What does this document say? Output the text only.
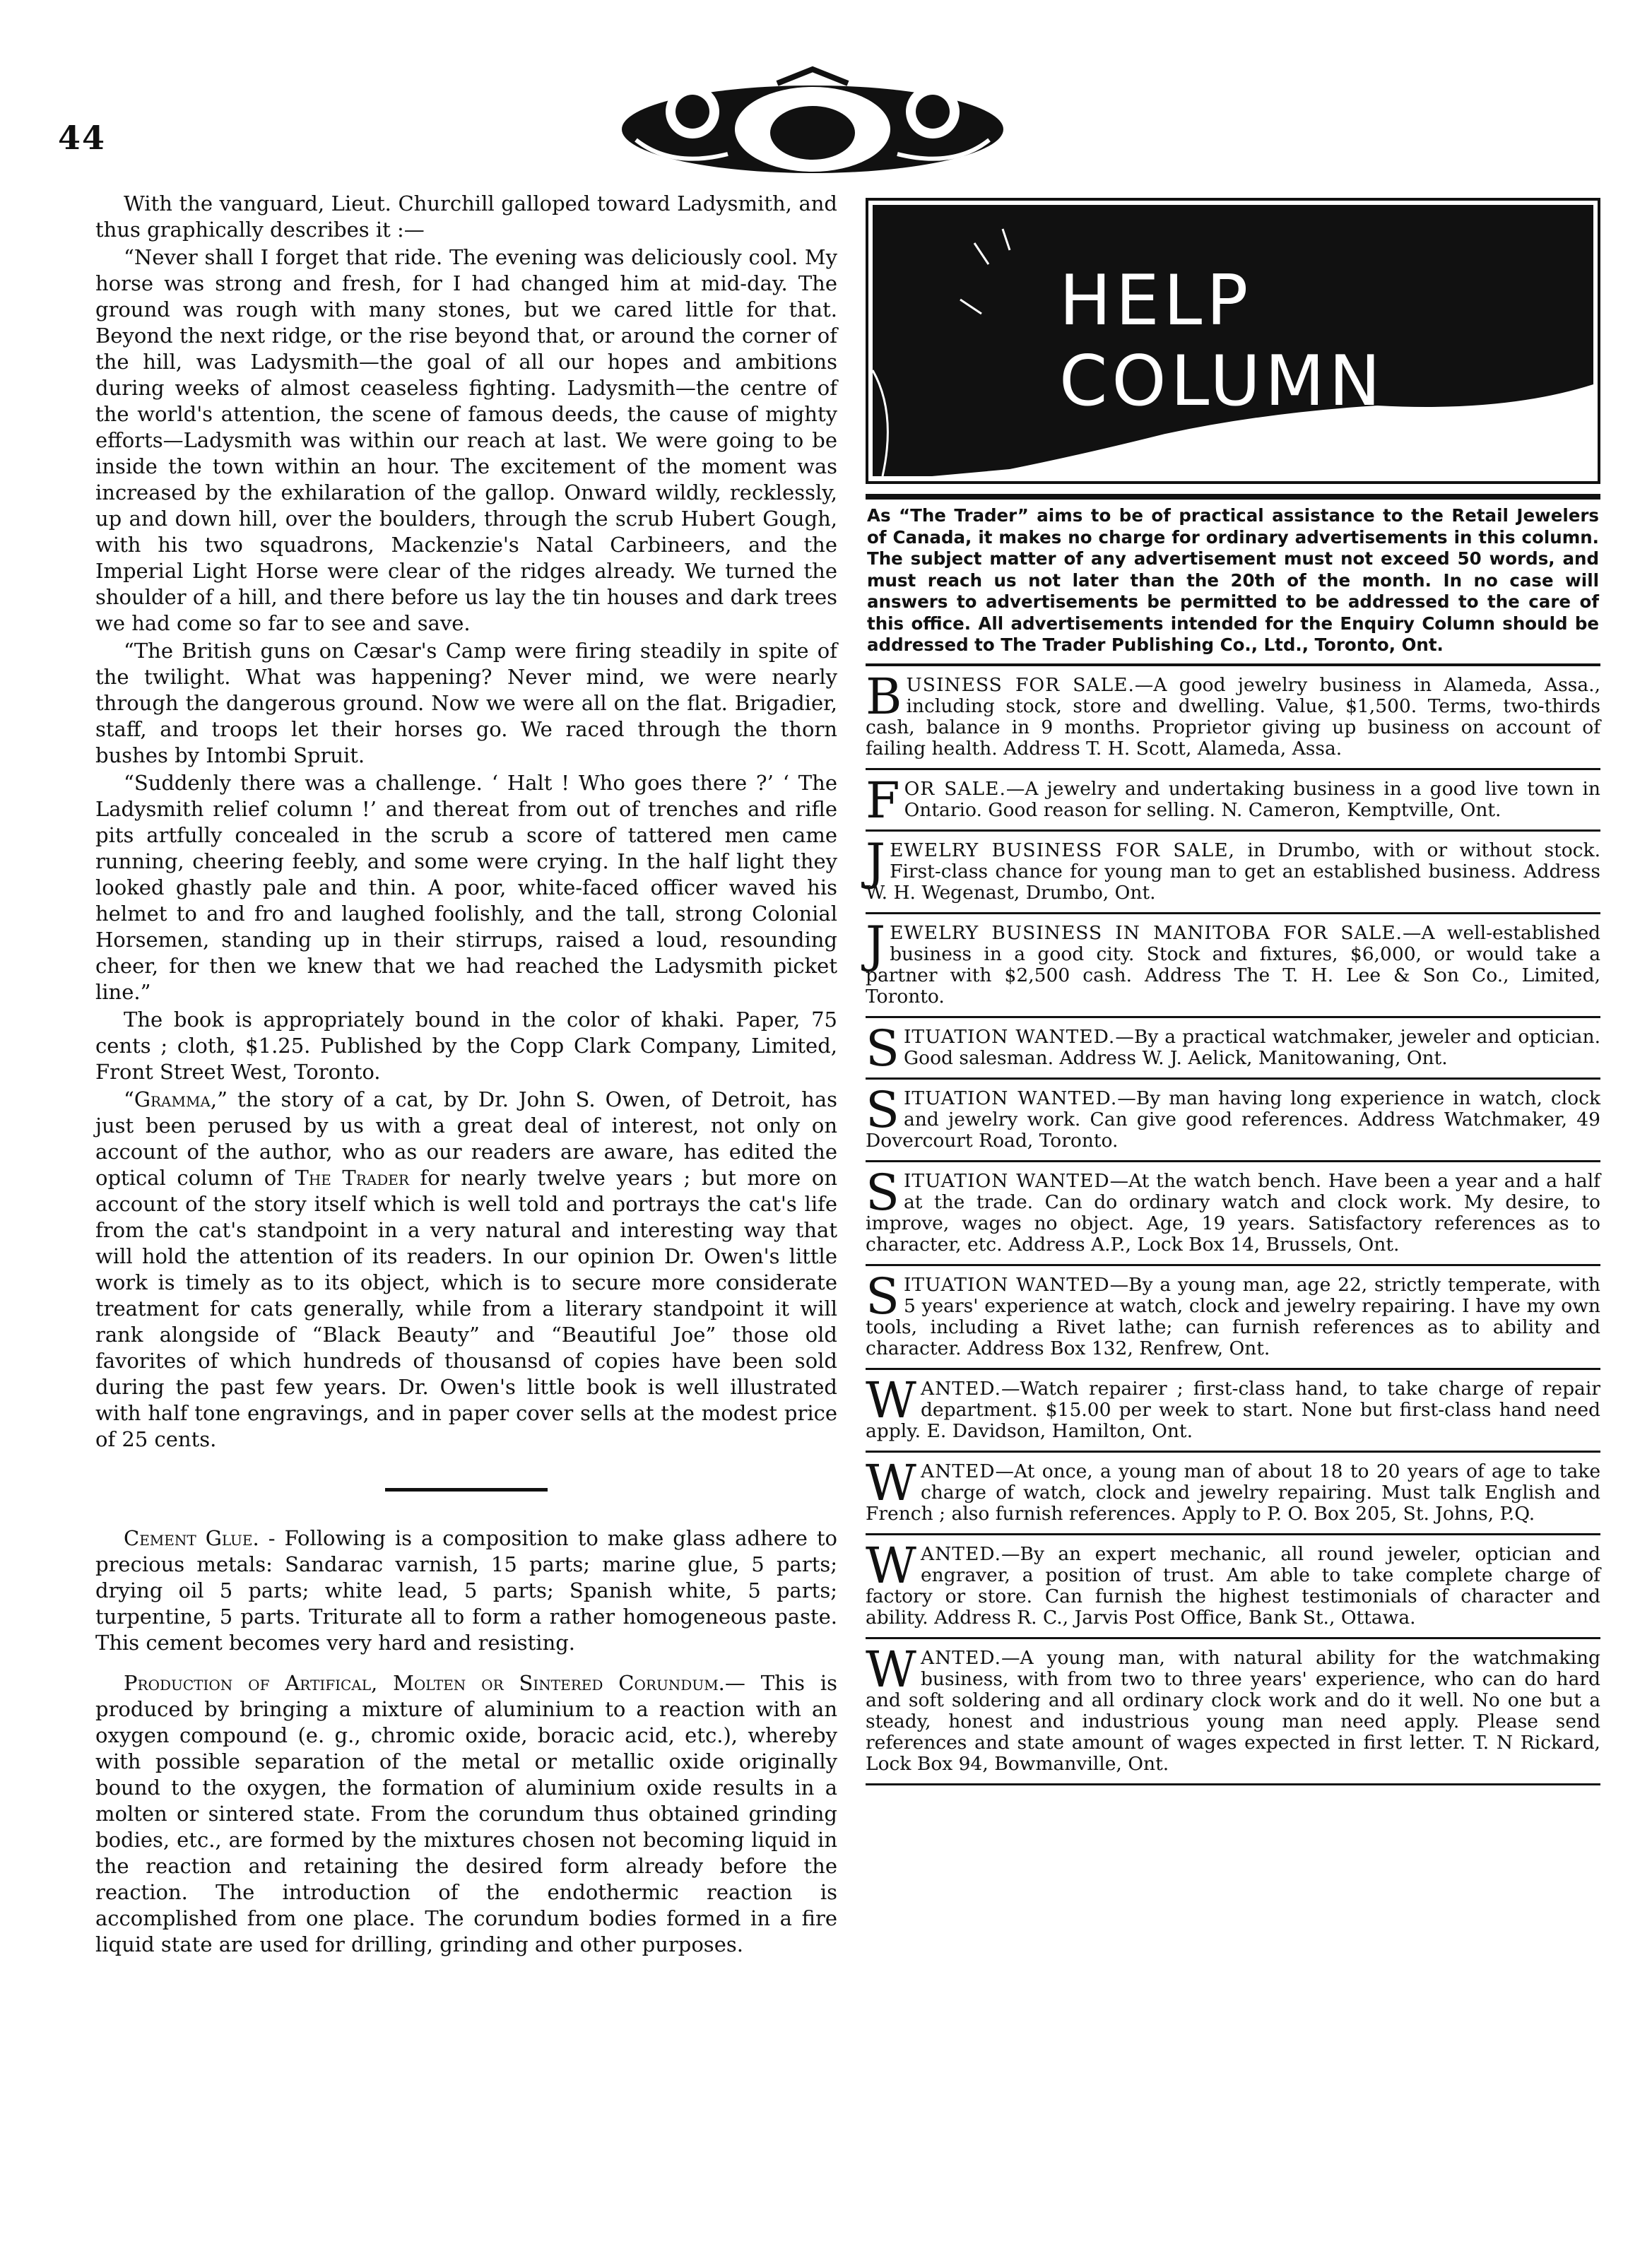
44

With the vanguard, Lieut. Churchill galloped toward Ladysmith, and thus graphically describes it :—

“Never shall I forget that ride. The evening was deliciously cool. My horse was strong and fresh, for I had changed him at mid-day. The ground was rough with many stones, but we cared little for that. Beyond the next ridge, or the rise beyond that, or around the corner of the hill, was Ladysmith—the goal of all our hopes and ambitions during weeks of almost ceaseless fighting. Ladysmith—the centre of the world's attention, the scene of famous deeds, the cause of mighty efforts—Ladysmith was within our reach at last. We were going to be inside the town within an hour. The excitement of the moment was increased by the exhilaration of the gallop. Onward wildly, recklessly, up and down hill, over the boulders, through the scrub Hubert Gough, with his two squadrons, Mackenzie's Natal Carbineers, and the Imperial Light Horse were clear of the ridges already. We turned the shoulder of a hill, and there before us lay the tin houses and dark trees we had come so far to see and save.

“The British guns on Cæsar's Camp were firing steadily in spite of the twilight. What was happening? Never mind, we were nearly through the dangerous ground. Now we were all on the flat. Brigadier, staff, and troops let their horses go. We raced through the thorn bushes by Intombi Spruit.

“Suddenly there was a challenge. ‘ Halt ! Who goes there ?’ ‘ The Ladysmith relief column !’ and thereat from out of trenches and rifle pits artfully concealed in the scrub a score of tattered men came running, cheering feebly, and some were crying. In the half light they looked ghastly pale and thin. A poor, white-faced officer waved his helmet to and fro and laughed foolishly, and the tall, strong Colonial Horsemen, standing up in their stirrups, raised a loud, resounding cheer, for then we knew that we had reached the Ladysmith picket line.”

The book is appropriately bound in the color of khaki. Paper, 75 cents ; cloth, $1.25. Published by the Copp Clark Company, Limited, Front Street West, Toronto.

“Gramma,” the story of a cat, by Dr. John S. Owen, of Detroit, has just been perused by us with a great deal of interest, not only on account of the author, who as our readers are aware, has edited the optical column of The Trader for nearly twelve years ; but more on account of the story itself which is well told and portrays the cat's life from the cat's standpoint in a very natural and interesting way that will hold the attention of its readers. In our opinion Dr. Owen's little work is timely as to its object, which is to secure more considerate treatment for cats generally, while from a literary standpoint it will rank alongside of “Black Beauty” and “Beautiful Joe” those old favorites of which hundreds of thousansd of copies have been sold during the past few years. Dr. Owen's little book is well illustrated with half tone engravings, and in paper cover sells at the modest price of 25 cents.

Cement Glue. - Following is a composition to make glass adhere to precious metals: Sandarac varnish, 15 parts; marine glue, 5 parts; drying oil 5 parts; white lead, 5 parts; Spanish white, 5 parts; turpentine, 5 parts. Triturate all to form a rather homogeneous paste. This cement becomes very hard and resisting.

Production of Artifical, Molten or Sintered Corundum.— This is produced by bringing a mixture of aluminium to a reaction with an oxygen compound (e. g., chromic oxide, boracic acid, etc.), whereby with possible separation of the metal or metallic oxide originally bound to the oxygen, the formation of aluminium oxide results in a molten or sintered state. From the corundum thus obtained grinding bodies, etc., are formed by the mixtures chosen not becoming liquid in the reaction and retaining the desired form already before the reaction. The introduction of the endothermic reaction is accomplished from one place. The corundum bodies formed in a fire liquid state are used for drilling, grinding and other purposes.

HELP COLUMN
As “The Trader” aims to be of practical assistance to the Retail Jewelers of Canada, it makes no charge for ordinary advertisements in this column. The subject matter of any advertisement must not exceed 50 words, and must reach us not later than the 20th of the month. In no case will answers to advertisements be permitted to be addressed to the care of this office. All advertisements intended for the Enquiry Column should be addressed to The Trader Publishing Co., Ltd., Toronto, Ont.
BUSINESS FOR SALE.—A good jewelry business in Alameda, Assa., including stock, store and dwelling. Value, $1,500. Terms, two-thirds cash, balance in 9 months. Proprietor giving up business on account of failing health. Address T. H. Scott, Alameda, Assa.
FOR SALE.—A jewelry and undertaking business in a good live town in Ontario. Good reason for selling. N. Cameron, Kemptville, Ont.
JEWELRY BUSINESS FOR SALE, in Drumbo, with or without stock. First-class chance for young man to get an established business. Address W. H. Wegenast, Drumbo, Ont.
JEWELRY BUSINESS IN MANITOBA FOR SALE.—A well-established business in a good city. Stock and fixtures, $6,000, or would take a partner with $2,500 cash. Address The T. H. Lee & Son Co., Limited, Toronto.
SITUATION WANTED.—By a practical watchmaker, jeweler and optician. Good salesman. Address W. J. Aelick, Manitowaning, Ont.
SITUATION WANTED.—By man having long experience in watch, clock and jewelry work. Can give good references. Address Watchmaker, 49 Dovercourt Road, Toronto.
SITUATION WANTED—At the watch bench. Have been a year and a half at the trade. Can do ordinary watch and clock work. My desire, to improve, wages no object. Age, 19 years. Satisfactory references as to character, etc. Address A.P., Lock Box 14, Brussels, Ont.
SITUATION WANTED—By a young man, age 22, strictly temperate, with 5 years' experience at watch, clock and jewelry repairing. I have my own tools, including a Rivet lathe; can furnish references as to ability and character. Address Box 132, Renfrew, Ont.
WANTED.—Watch repairer ; first-class hand, to take charge of repair department. $15.00 per week to start. None but first-class hand need apply. E. Davidson, Hamilton, Ont.
WANTED—At once, a young man of about 18 to 20 years of age to take charge of watch, clock and jewelry repairing. Must talk English and French ; also furnish references. Apply to P. O. Box 205, St. Johns, P.Q.
WANTED.—By an expert mechanic, all round jeweler, optician and engraver, a position of trust. Am able to take complete charge of factory or store. Can furnish the highest testimonials of character and ability. Address R. C., Jarvis Post Office, Bank St., Ottawa.
WANTED.—A young man, with natural ability for the watchmaking business, with from two to three years' experience, who can do hard and soft soldering and all ordinary clock work and do it well. No one but a steady, honest and industrious young man need apply. Please send references and state amount of wages expected in first letter. T. N Rickard, Lock Box 94, Bowmanville, Ont.
